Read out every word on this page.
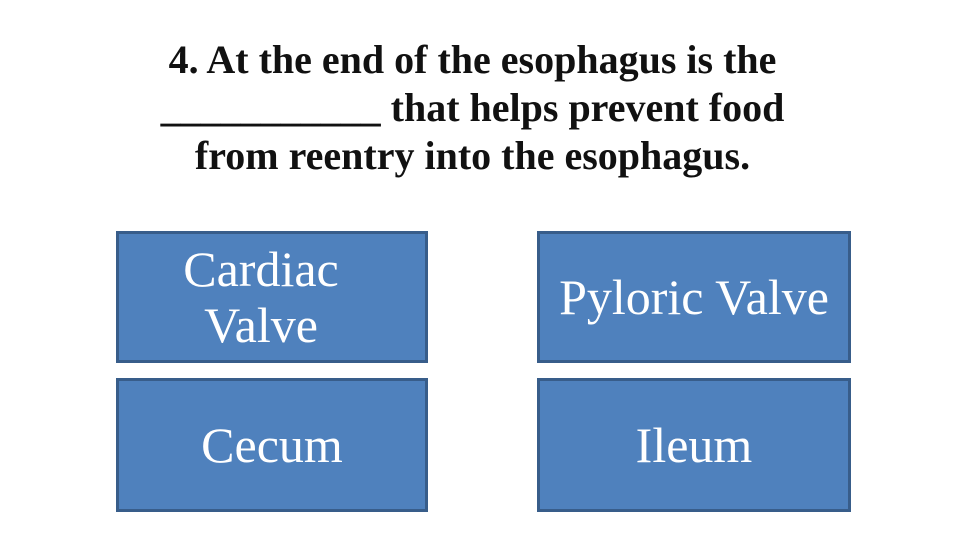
4. At the end of the esophagus is the
___________ that helps prevent food
from reentry into the esophagus.
Cardiac
Valve	Pyloric Valve
Cecum	Ileum
